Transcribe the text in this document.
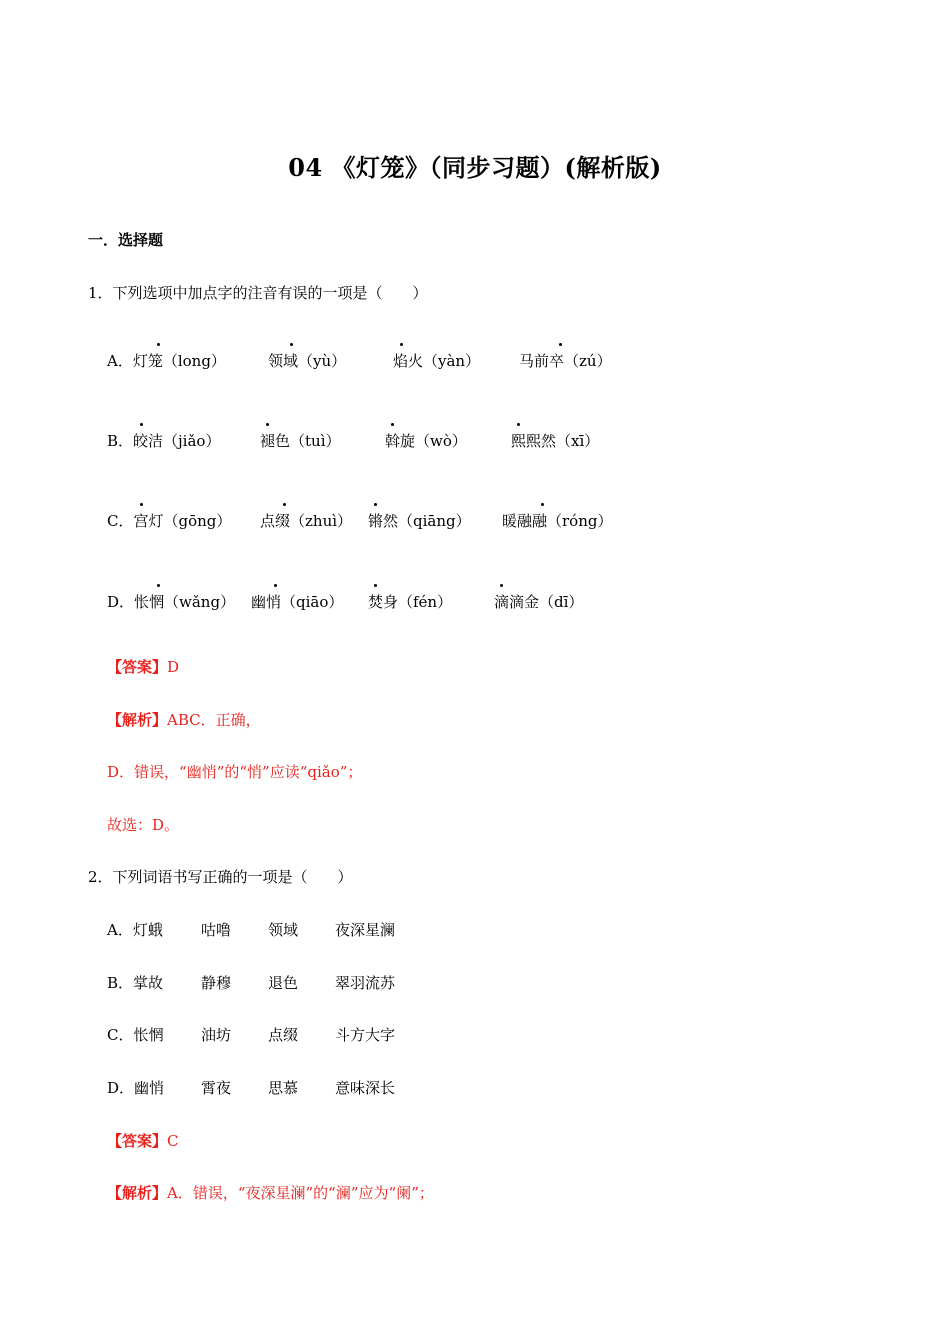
04 《灯笼》（同步习题）(解析版)
一．选择题
1．下列选项中加点字的注音有误的一项是（　　）
A．灯笼（long）	领域（yù）	焰火（yàn）	马前卒（zú）
B．皎洁（jiǎo）	褪色（tuì）	斡旋（wò）	熙熙然（xī）
C．宫灯（gōng） 点缀（zhuì） 锵然（qiāng） 暖融融（róng）
D．怅惘（wǎng） 幽悄（qiāo） 焚身（fén）	滴滴金（dī）
【答案】D
【解析】ABC．正确，
D．错误，“幽悄”的“悄”应读“qiǎo”；
故选：D。
2．下列词语书写正确的一项是（　　）
A．灯蛾	咕噜 领域 夜深星澜
B．掌故	静穆 退色 翠羽流苏
C．怅惘	油坊 点缀 斗方大字
D．幽悄 霄夜 思慕 意味深长
【答案】C
【解析】A．错误，“夜深星澜”的“澜”应为“阑”；
